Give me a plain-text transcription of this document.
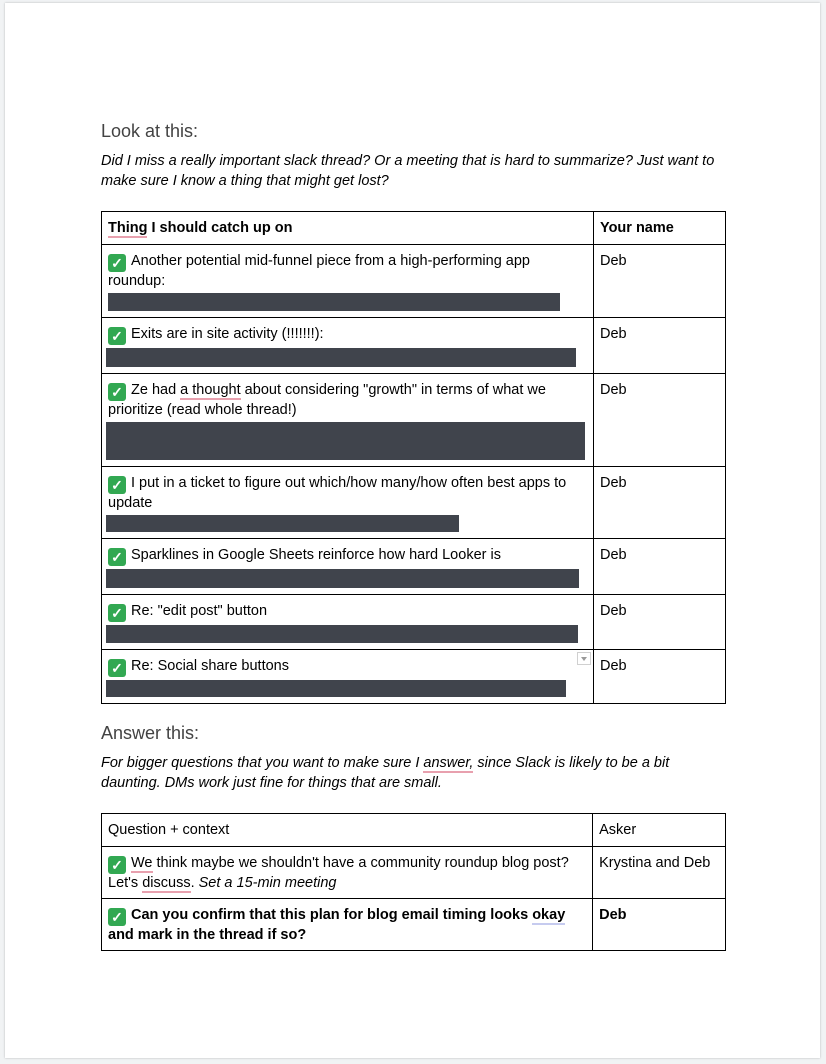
Look at this:
Did I miss a really important slack thread? Or a meeting that is hard to summarize? Just want to make sure I know a thing that might get lost?
Thing I should catch up on	Your name
✓ Another potential mid-funnel piece from a high-performing app roundup:	Deb
✓ Exits are in site activity (!!!!!!!):	Deb
✓ Ze had a thought about considering "growth" in terms of what we prioritize (read whole thread!)	Deb
✓ I put in a ticket to figure out which/how many/how often best apps to update	Deb
✓ Sparklines in Google Sheets reinforce how hard Looker is	Deb
✓ Re: "edit post" button	Deb

✓ Re: Social share buttons	Deb
Answer this:
For bigger questions that you want to make sure I answer, since Slack is likely to be a bit daunting. DMs work just fine for things that are small.
Question + context	Asker
✓ We think maybe we shouldn't have a community roundup blog post? Let's discuss. Set a 15-min meeting	Krystina and Deb
✓ Can you confirm that this plan for blog email timing looks okay and mark in the thread if so?	Deb
